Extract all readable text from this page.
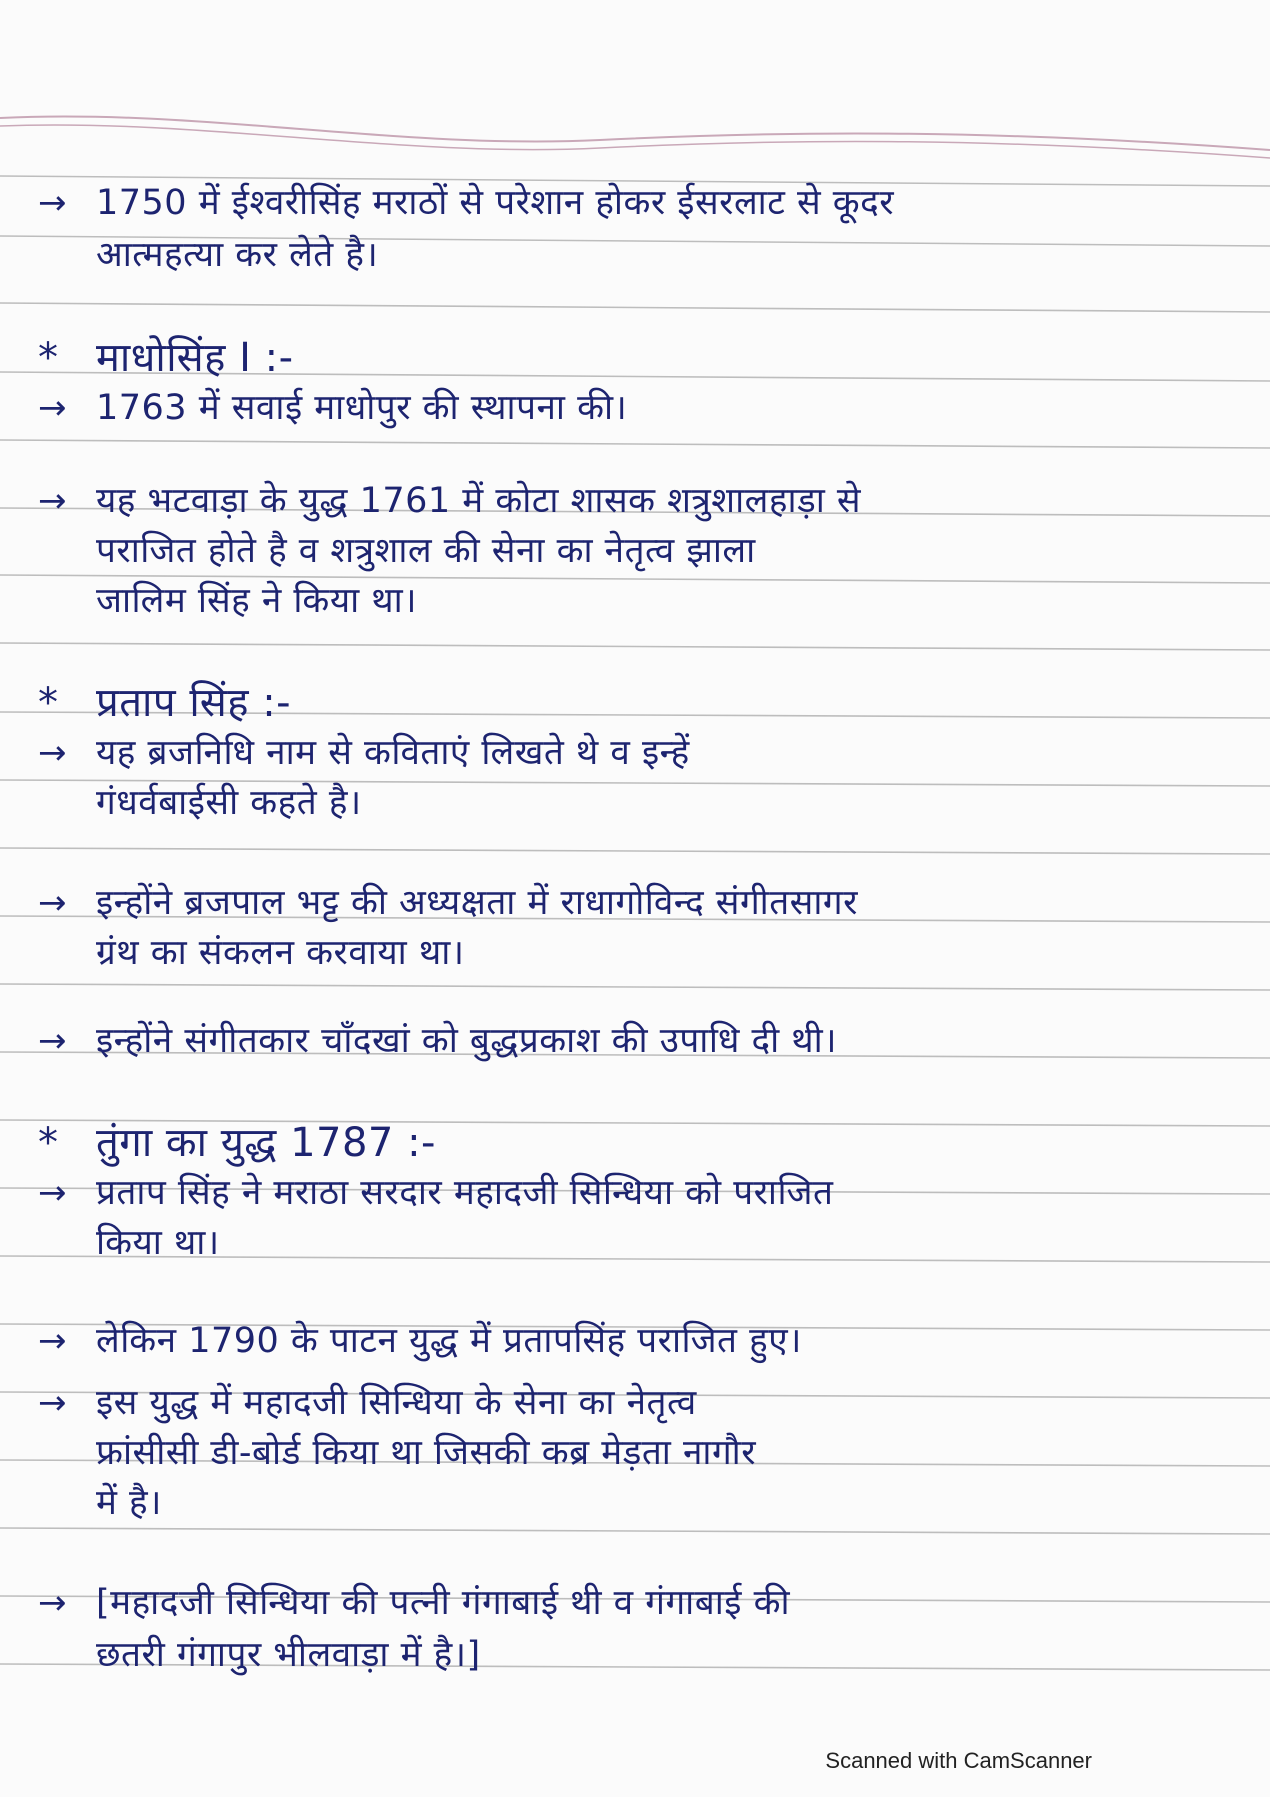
→ 1750 में ईश्वरीसिंह मराठों से परेशान होकर ईसरलाट से कूदर
आत्महत्या कर लेते है।
* माधोसिंह I :-
→ 1763 में सवाई माधोपुर की स्थापना की।
→ यह भटवाड़ा के युद्ध 1761 में कोटा शासक शत्रुशालहाड़ा से
पराजित होते है व शत्रुशाल की सेना का नेतृत्व झाला
जालिम सिंह ने किया था।
* प्रताप सिंह :-
→ यह ब्रजनिधि नाम से कविताएं लिखते थे व इन्हें
गंधर्वबाईसी कहते है।
→ इन्होंने ब्रजपाल भट्ट की अध्यक्षता में राधागोविन्द संगीतसागर
ग्रंथ का संकलन करवाया था।
→ इन्होंने संगीतकार चाँदखां को बुद्धप्रकाश की उपाधि दी थी।
* तुंगा का युद्ध 1787 :-
→ प्रताप सिंह ने मराठा सरदार महादजी सिन्धिया को पराजित
किया था।
→ लेकिन 1790 के पाटन युद्ध में प्रतापसिंह पराजित हुए।
→ इस युद्ध में महादजी सिन्धिया के सेना का नेतृत्व
फ्रांसीसी डी-बोर्ड किया था जिसकी कब्र मेड़ता नागौर
में है।
→ [महादजी सिन्धिया की पत्नी गंगाबाई थी व गंगाबाई की
छतरी गंगापुर भीलवाड़ा में है।]
Scanned with CamScanner
